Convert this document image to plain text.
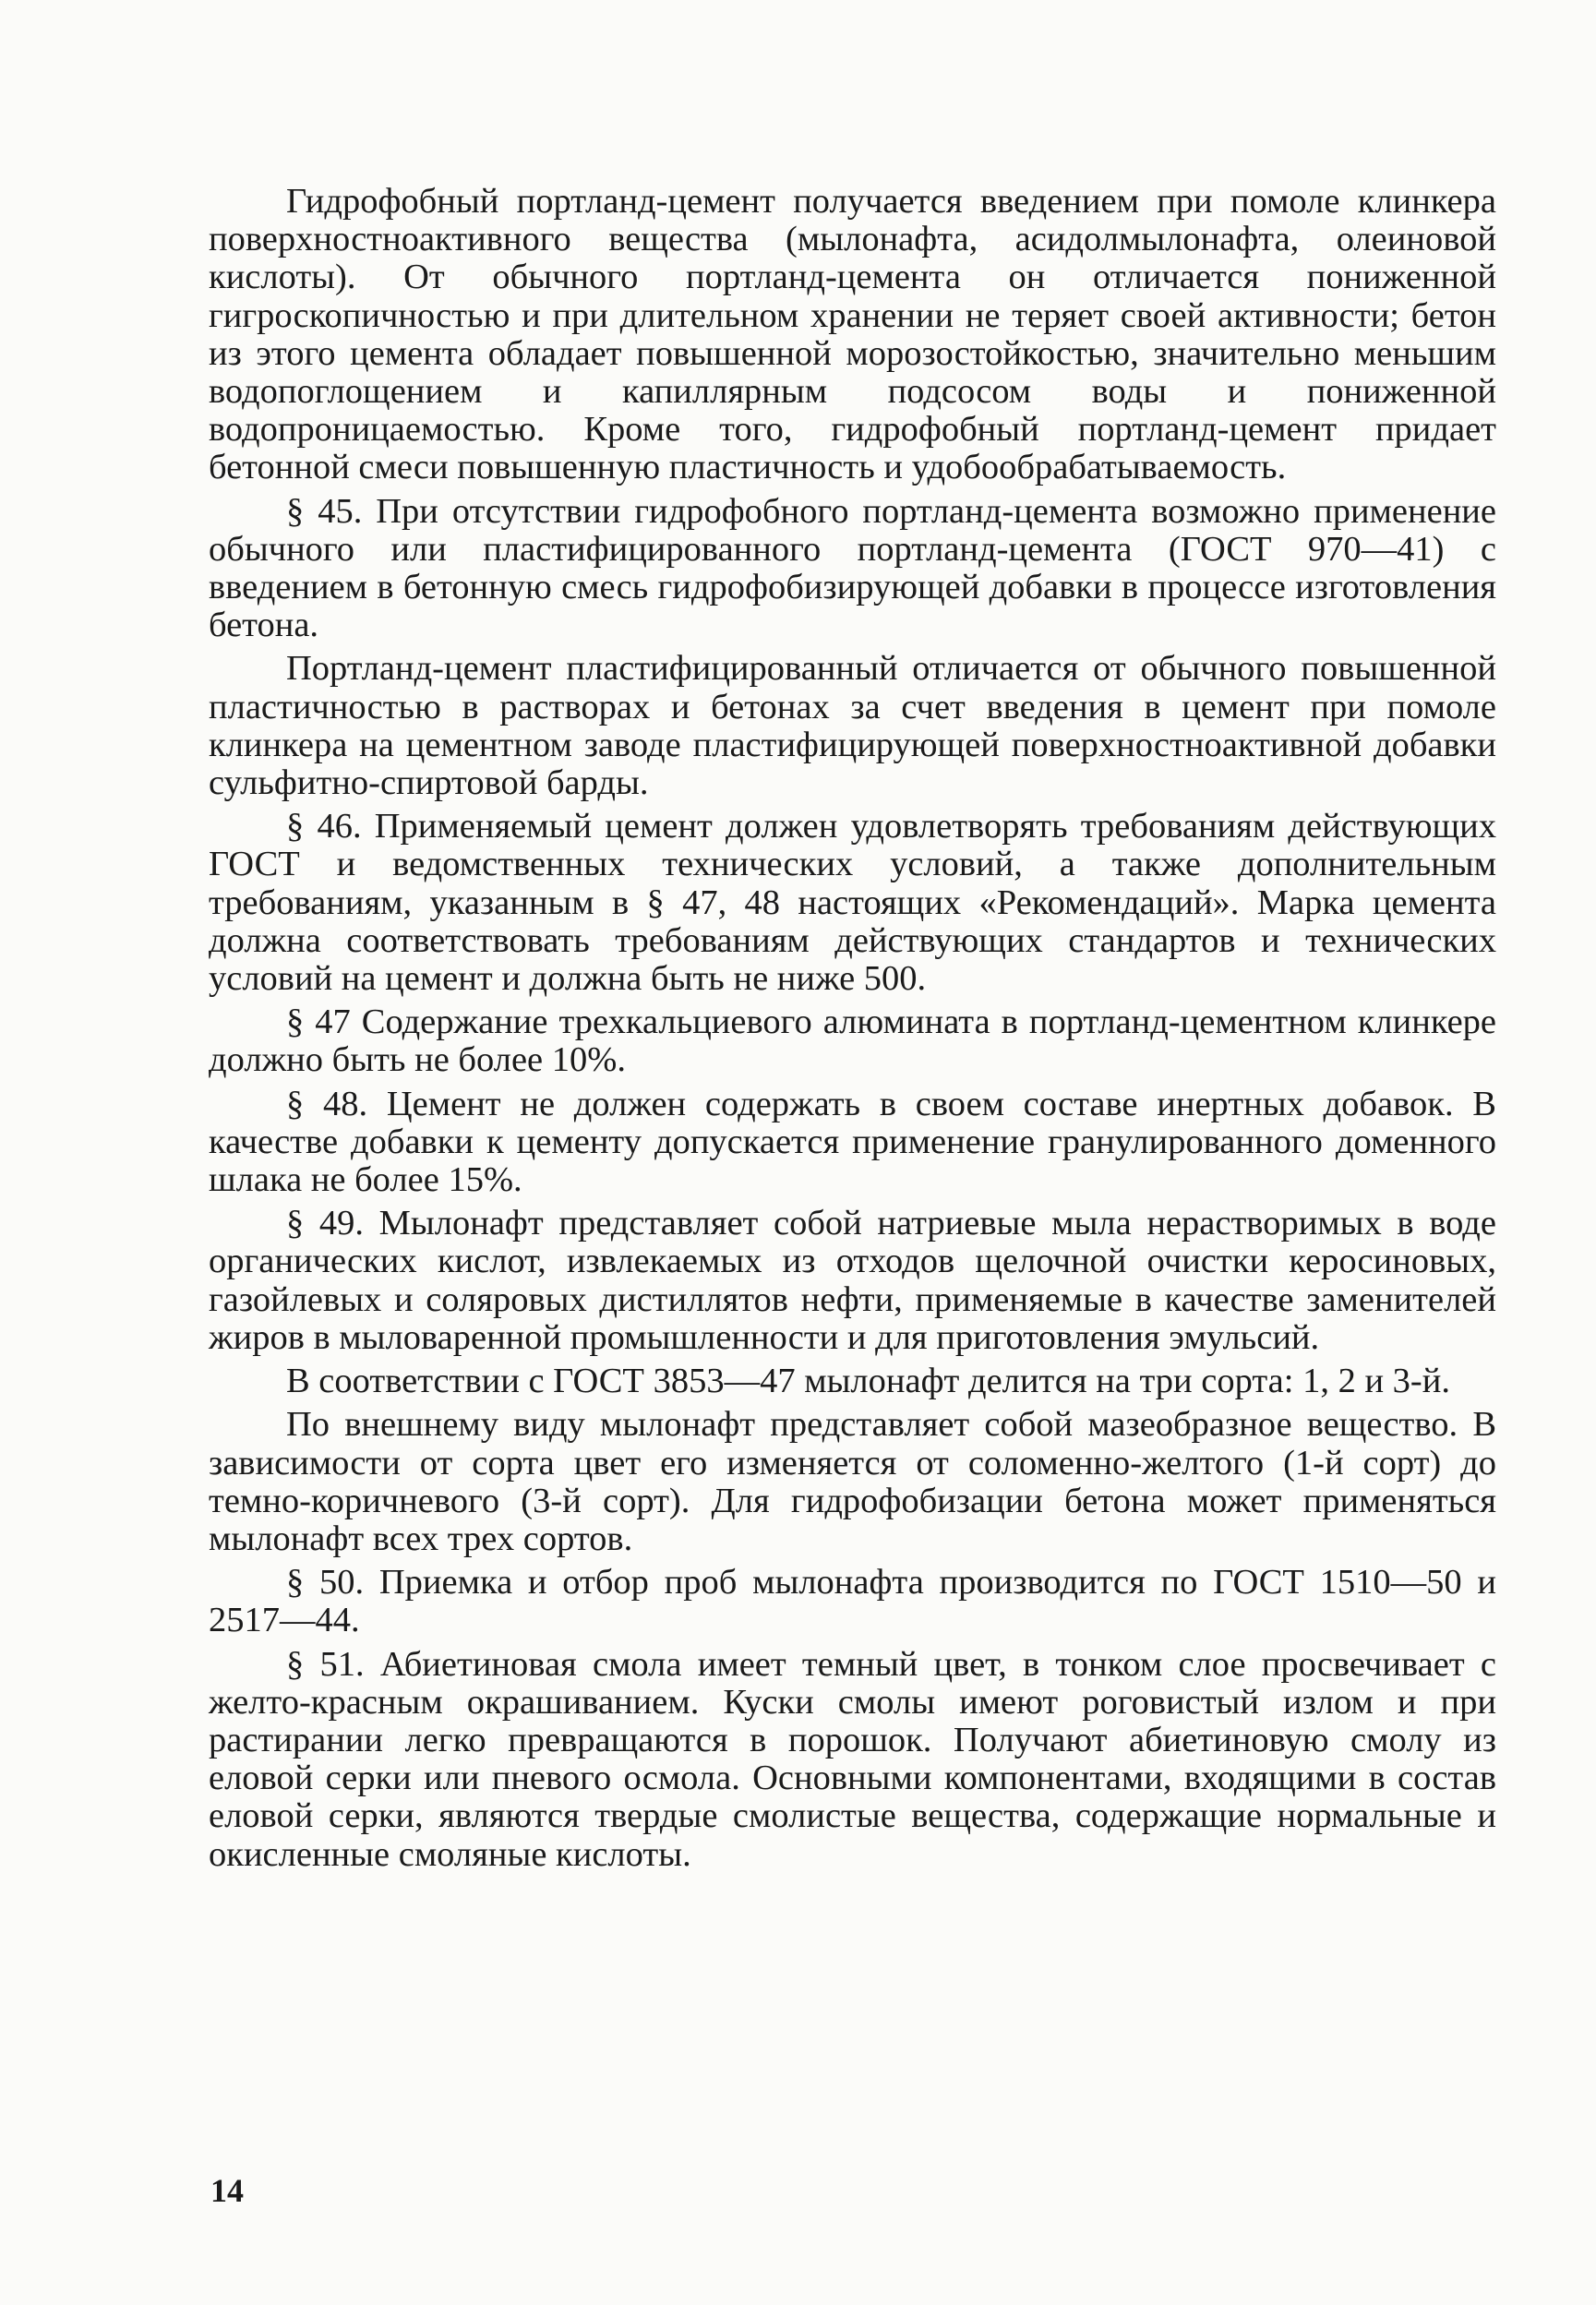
Гидрофобный портланд-цемент получается введением при помоле клинкера поверхностноактивного вещества (мылонафта, асидолмылонафта, олеиновой кислоты). От обычного портланд-цемента он отличается пониженной гигроскопичностью и при длительном хранении не теряет своей активности; бетон из этого цемента обладает повышенной морозостойкостью, значительно меньшим водопоглощением и капиллярным подсосом воды и пониженной водопроницаемостью. Кроме того, гидрофобный портланд-цемент придает бетонной смеси повышенную пластичность и удобообрабатываемость.

§ 45. При отсутствии гидрофобного портланд-цемента возможно применение обычного или пластифицированного портланд-цемента (ГОСТ 970—41) с введением в бетонную смесь гидрофобизирующей добавки в процессе изготовления бетона.

Портланд-цемент пластифицированный отличается от обычного повышенной пластичностью в растворах и бетонах за счет введения в цемент при помоле клинкера на цементном заводе пластифицирующей поверхностноактивной добавки сульфитно-спиртовой барды.

§ 46. Применяемый цемент должен удовлетворять требованиям действующих ГОСТ и ведомственных технических условий, а также дополнительным требованиям, указанным в § 47, 48 настоящих «Рекомендаций». Марка цемента должна соответствовать требованиям действующих стандартов и технических условий на цемент и должна быть не ниже 500.

§ 47 Содержание трехкальциевого алюмината в портланд-цементном клинкере должно быть не более 10%.

§ 48. Цемент не должен содержать в своем составе инертных добавок. В качестве добавки к цементу допускается применение гранулированного доменного шлака не более 15%.

§ 49. Мылонафт представляет собой натриевые мыла нерастворимых в воде органических кислот, извлекаемых из отходов щелочной очистки керосиновых, газойлевых и соляровых дистиллятов нефти, применяемые в качестве заменителей жиров в мыловаренной промышленности и для приготовления эмульсий.

В соответствии с ГОСТ 3853—47 мылонафт делится на три сорта: 1, 2 и 3-й.

По внешнему виду мылонафт представляет собой мазеобразное вещество. В зависимости от сорта цвет его изменяется от соломенно-желтого (1-й сорт) до темно-коричневого (3-й сорт). Для гидрофобизации бетона может применяться мылонафт всех трех сортов.

§ 50. Приемка и отбор проб мылонафта производится по ГОСТ 1510—50 и 2517—44.

§ 51. Абиетиновая смола имеет темный цвет, в тонком слое просвечивает с желто-красным окрашиванием. Куски смолы имеют роговистый излом и при растирании легко превращаются в порошок. Получают абиетиновую смолу из еловой серки или пневого осмола. Основными компонентами, входящими в состав еловой серки, являются твердые смолистые вещества, содержащие нормальные и окисленные смоляные кислоты.

14
